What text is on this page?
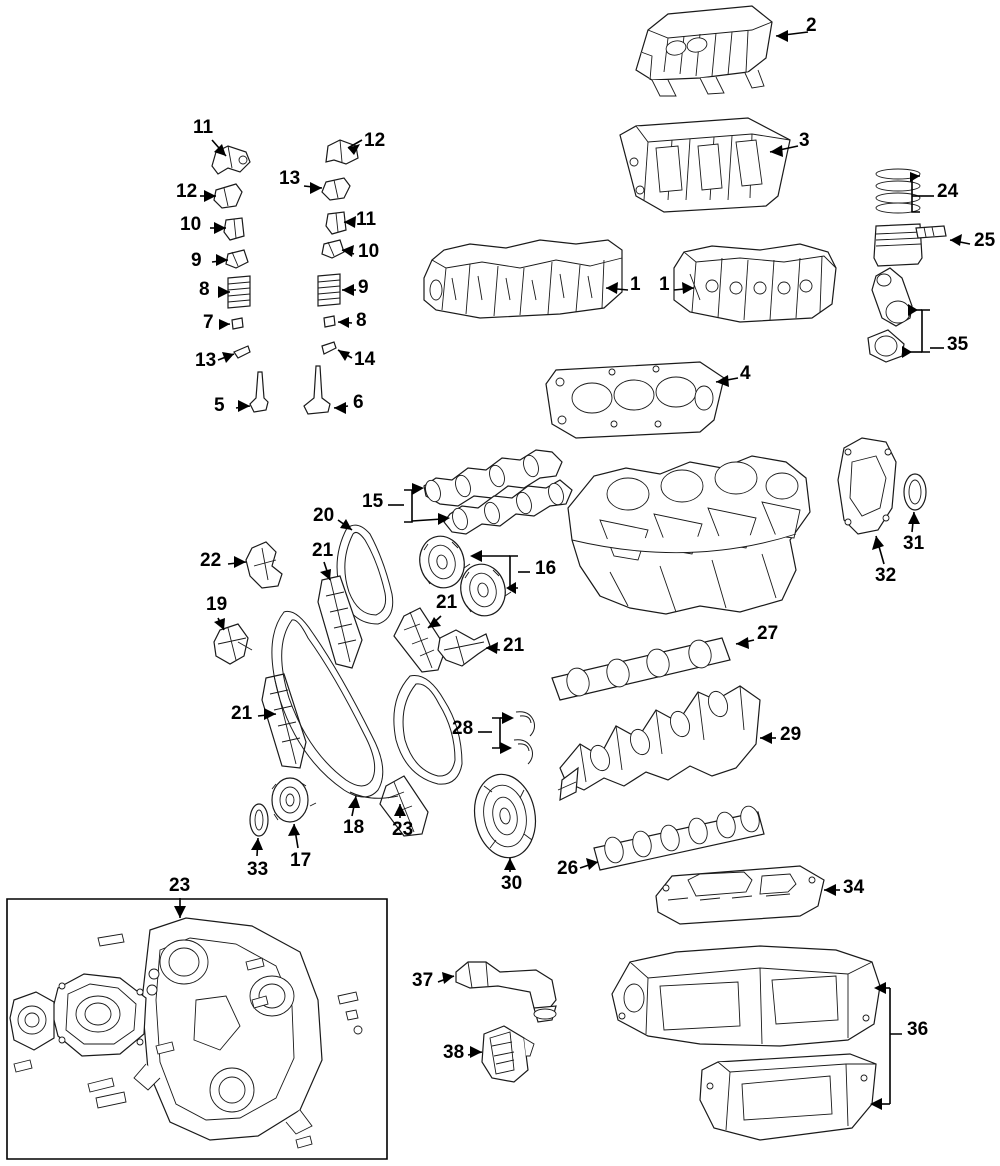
2
3
1 1
4
11
12
12
13
10	11
9	10
8	9
7	8
13	14
5	6
15
20
16
22	21
21
19
21
21
23
18
17
33
28
27
29
26
30
24
25
35
31
32
34
36
37
38
23
